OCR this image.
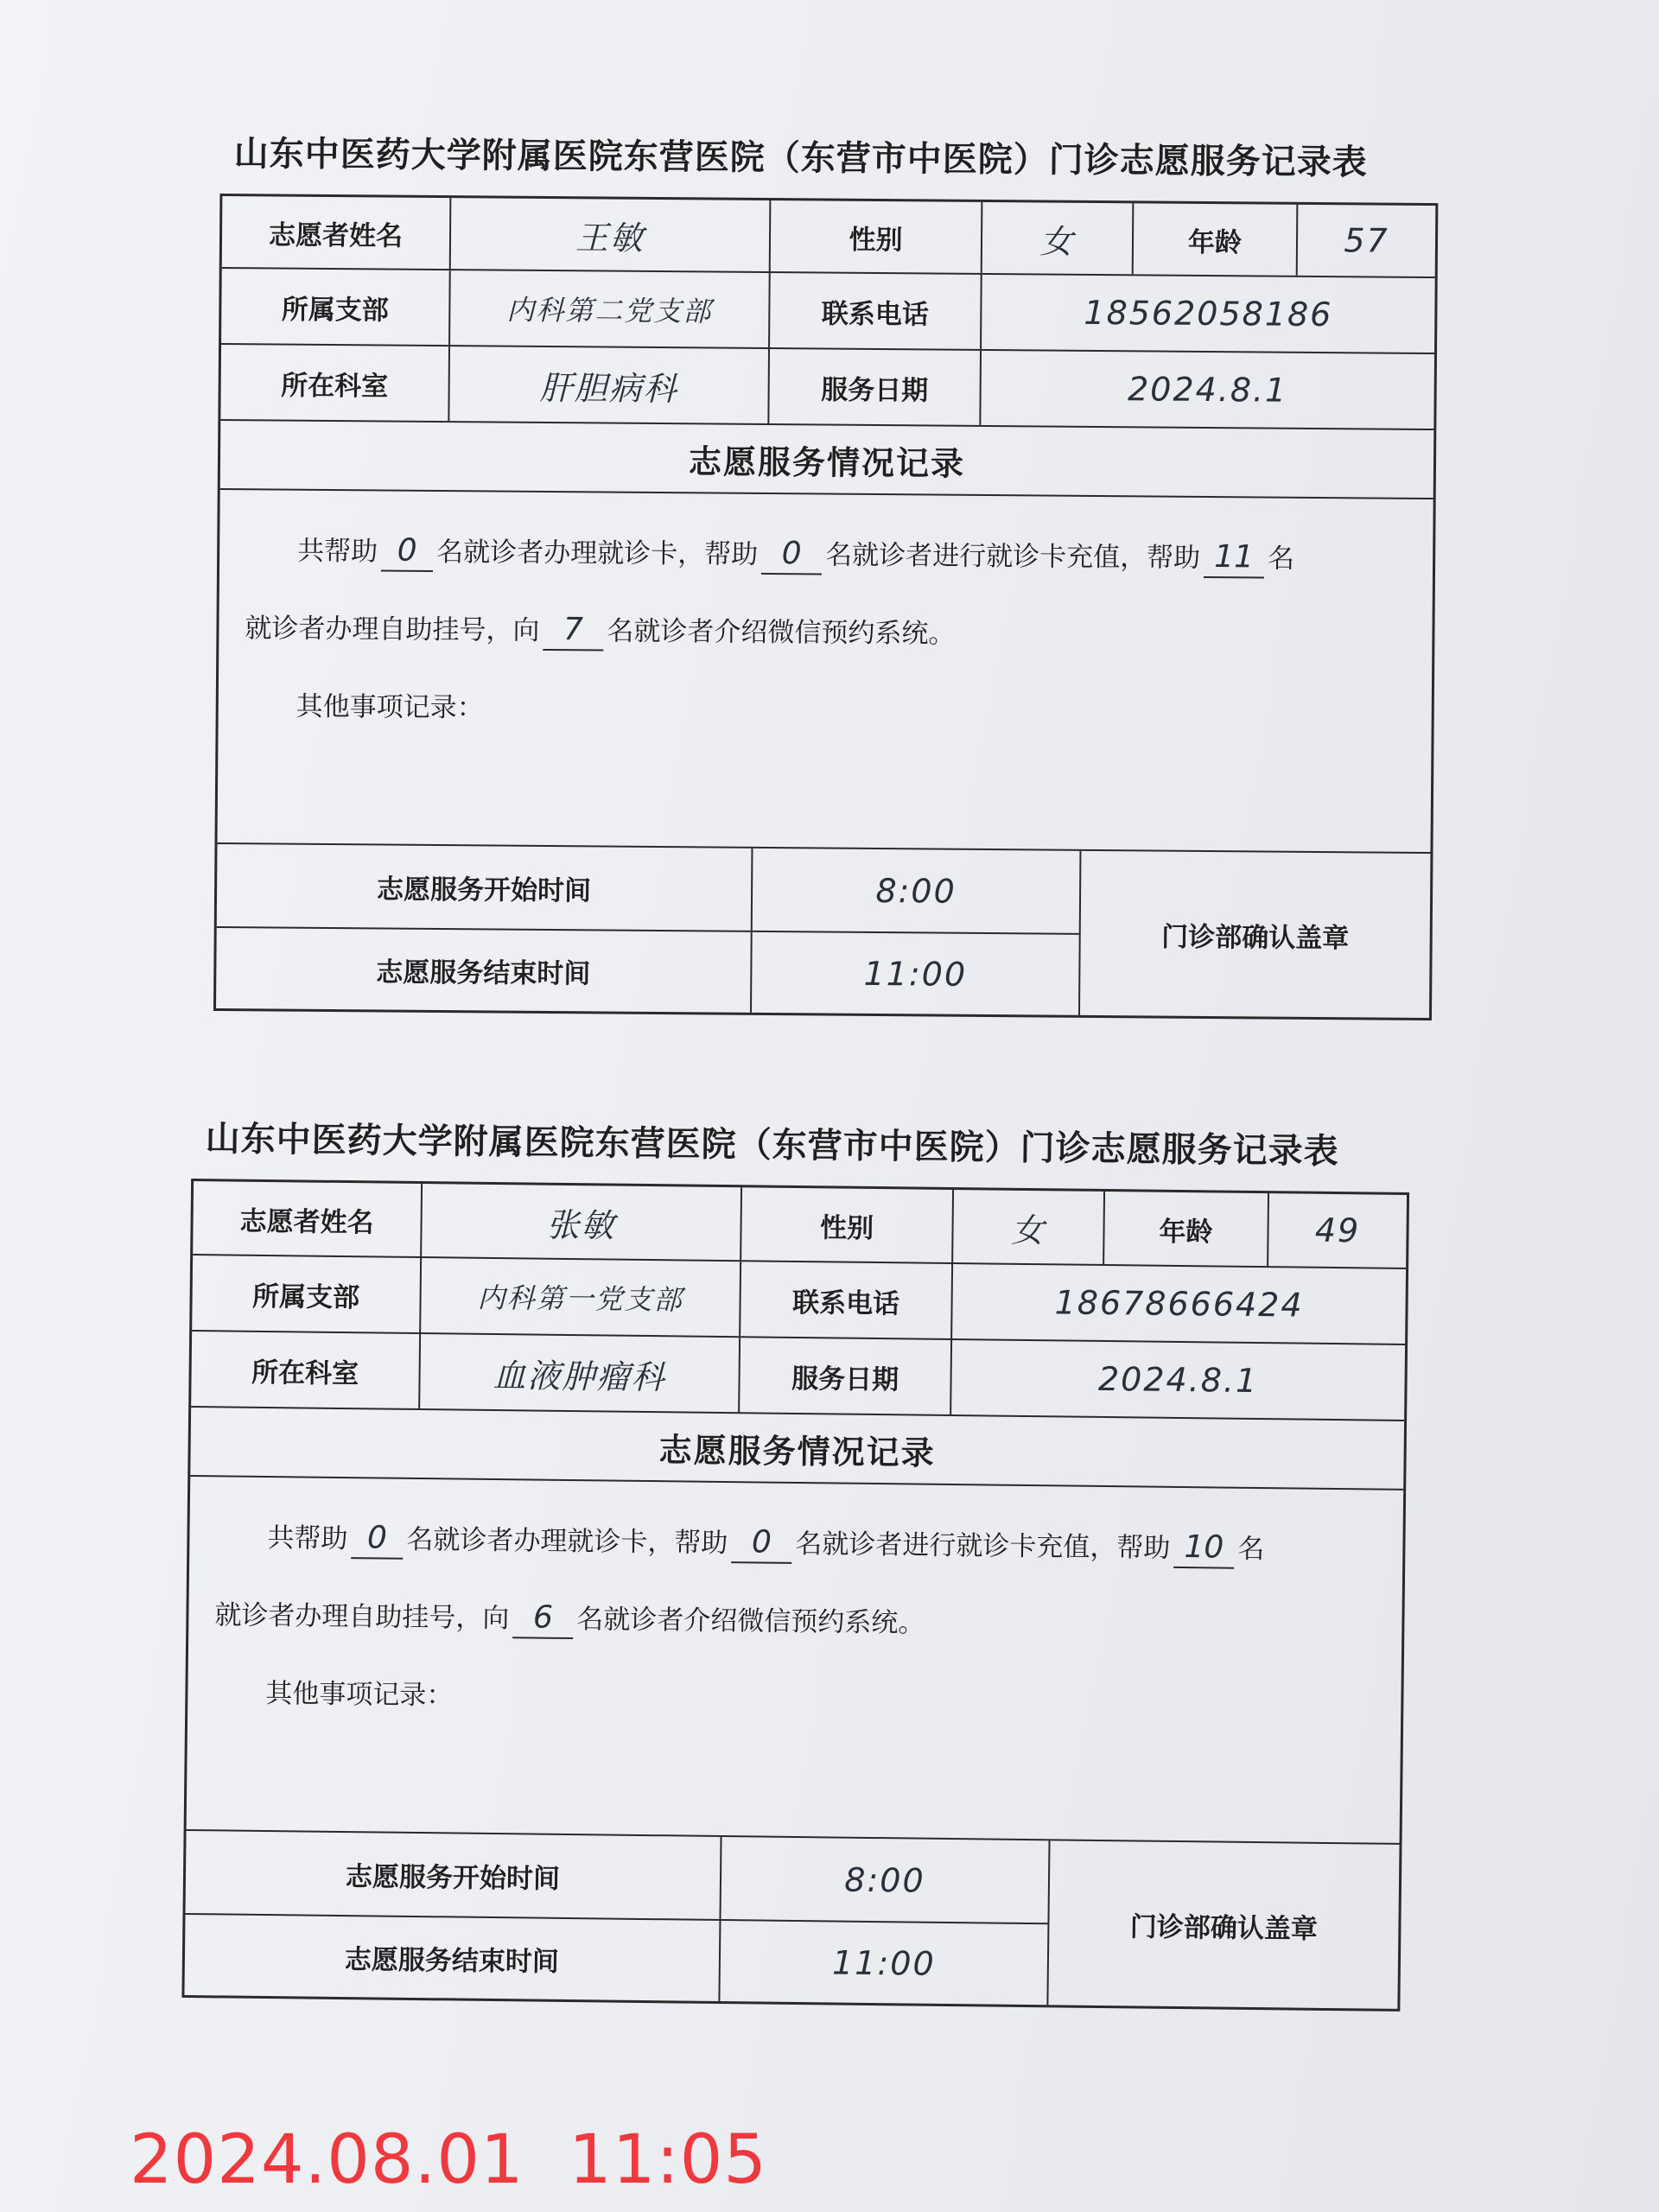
山东中医药大学附属医院东营医院（东营市中医院）门诊志愿服务记录表
志愿者姓名	王敏	性别	女	年龄	57
所属支部	内科第二党支部	联系电话	18562058186
所在科室	肝胆病科	服务日期	2024.8.1
志愿服务情况记录
共帮助 0 名就诊者办理就诊卡，帮助 0 名就诊者进行就诊卡充值，帮助 11 名
就诊者办理自助挂号，向 7 名就诊者介绍微信预约系统。
其他事项记录：
志愿服务开始时间	8:00
志愿服务结束时间	11:00
门诊部确认盖章
山东中医药大学附属医院东营医院（东营市中医院）门诊志愿服务记录表
志愿者姓名	张敏	性别	女	年龄	49
所属支部	内科第一党支部	联系电话	18678666424
所在科室	血液肿瘤科	服务日期	2024.8.1
志愿服务情况记录
共帮助 0 名就诊者办理就诊卡，帮助 0 名就诊者进行就诊卡充值，帮助 10 名
就诊者办理自助挂号，向 6 名就诊者介绍微信预约系统。
其他事项记录：
志愿服务开始时间	8:00
志愿服务结束时间	11:00
门诊部确认盖章
2024.08.01  11:05
